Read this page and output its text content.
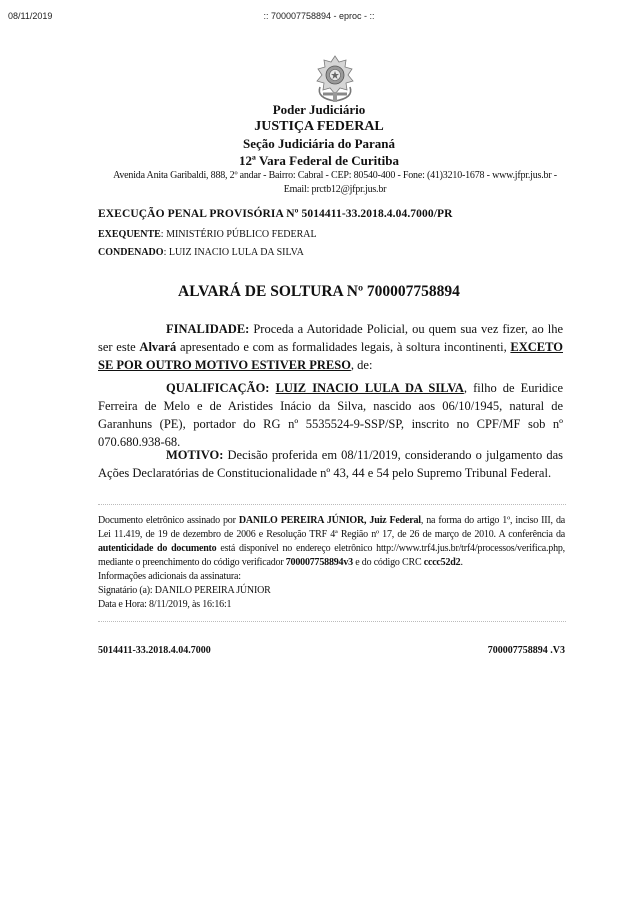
08/11/2019	:: 700007758894 - eproc - ::
Poder Judiciário
JUSTIÇA FEDERAL
Seção Judiciária do Paraná
12ª Vara Federal de Curitiba
Avenida Anita Garibaldi, 888, 2º andar - Bairro: Cabral - CEP: 80540-400 - Fone: (41)3210-1678 - www.jfpr.jus.br -
Email: prctb12@jfpr.jus.br
EXECUÇÃO PENAL PROVISÓRIA Nº 5014411-33.2018.4.04.7000/PR
EXEQUENTE: MINISTÉRIO PÚBLICO FEDERAL
CONDENADO: LUIZ INACIO LULA DA SILVA
ALVARÁ DE SOLTURA Nº 700007758894
FINALIDADE: Proceda a Autoridade Policial, ou quem sua vez fizer, ao lhe ser este Alvará apresentado e com as formalidades legais, à soltura incontinenti, EXCETO SE POR OUTRO MOTIVO ESTIVER PRESO, de:
QUALIFICAÇÃO: LUIZ INACIO LULA DA SILVA, filho de Euridice Ferreira de Melo e de Aristides Inácio da Silva, nascido aos 06/10/1945, natural de Garanhuns (PE), portador do RG nº 5535524-9-SSP/SP, inscrito no CPF/MF sob nº 070.680.938-68.
MOTIVO: Decisão proferida em 08/11/2019, considerando o julgamento das Ações Declaratórias de Constitucionalidade nº 43, 44 e 54 pelo Supremo Tribunal Federal.
Documento eletrônico assinado por DANILO PEREIRA JÚNIOR, Juiz Federal, na forma do artigo 1º, inciso III, da Lei 11.419, de 19 de dezembro de 2006 e Resolução TRF 4ª Região nº 17, de 26 de março de 2010. A conferência da autenticidade do documento está disponível no endereço eletrônico http://www.trf4.jus.br/trf4/processos/verifica.php, mediante o preenchimento do código verificador 700007758894v3 e do código CRC cccc52d2.
Informações adicionais da assinatura:
Signatário (a): DANILO PEREIRA JÚNIOR
Data e Hora: 8/11/2019, às 16:16:1
5014411-33.2018.4.04.7000	700007758894 .V3
